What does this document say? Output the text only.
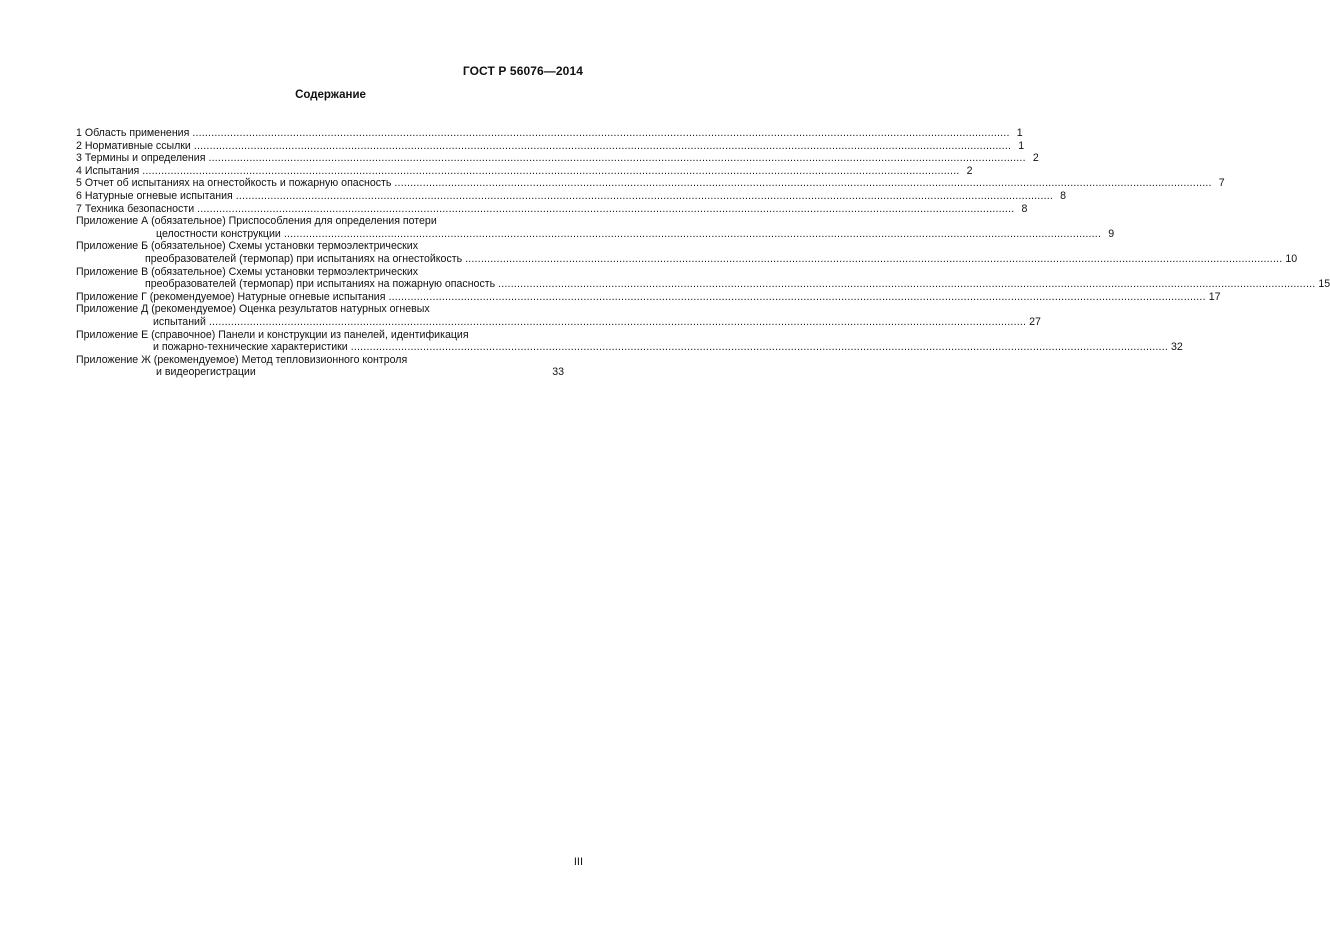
ГОСТ Р 56076—2014
Содержание
1 Область применения .................................................................................................................................................................................................................................................................... 1
2 Нормативные ссылки .................................................................................................................................................................................................................................................................... 1
3 Термины и определения .................................................................................................................................................................................................................................................................... 2
4 Испытания .................................................................................................................................................................................................................................................................... 2
5 Отчет об испытаниях на огнестойкость и пожарную опасность .................................................................................................................................................................................................................................................................... 7
6 Натурные огневые испытания .................................................................................................................................................................................................................................................................... 8
7 Техника безопасности .................................................................................................................................................................................................................................................................... 8
Приложение А (обязательное) Приспособления для определения потери
целостности конструкции .................................................................................................................................................................................................................................................................... 9
Приложение Б (обязательное) Схемы установки термоэлектрических
преобразователей (термопар) при испытаниях на огнестойкость .................................................................................................................................................................................................................................................................... 10
Приложение В (обязательное) Схемы установки термоэлектрических
преобразователей (термопар) при испытаниях на пожарную опасность .................................................................................................................................................................................................................................................................... 15
Приложение Г (рекомендуемое) Натурные огневые испытания .................................................................................................................................................................................................................................................................... 17
Приложение Д (рекомендуемое) Оценка результатов натурных огневых
испытаний .................................................................................................................................................................................................................................................................... 27
Приложение Е (справочное) Панели и конструкции из панелей, идентификация
и пожарно-технические характеристики .................................................................................................................................................................................................................................................................... 32
Приложение Ж (рекомендуемое) Метод тепловизионного контроля
и видеорегистрации	33
III
